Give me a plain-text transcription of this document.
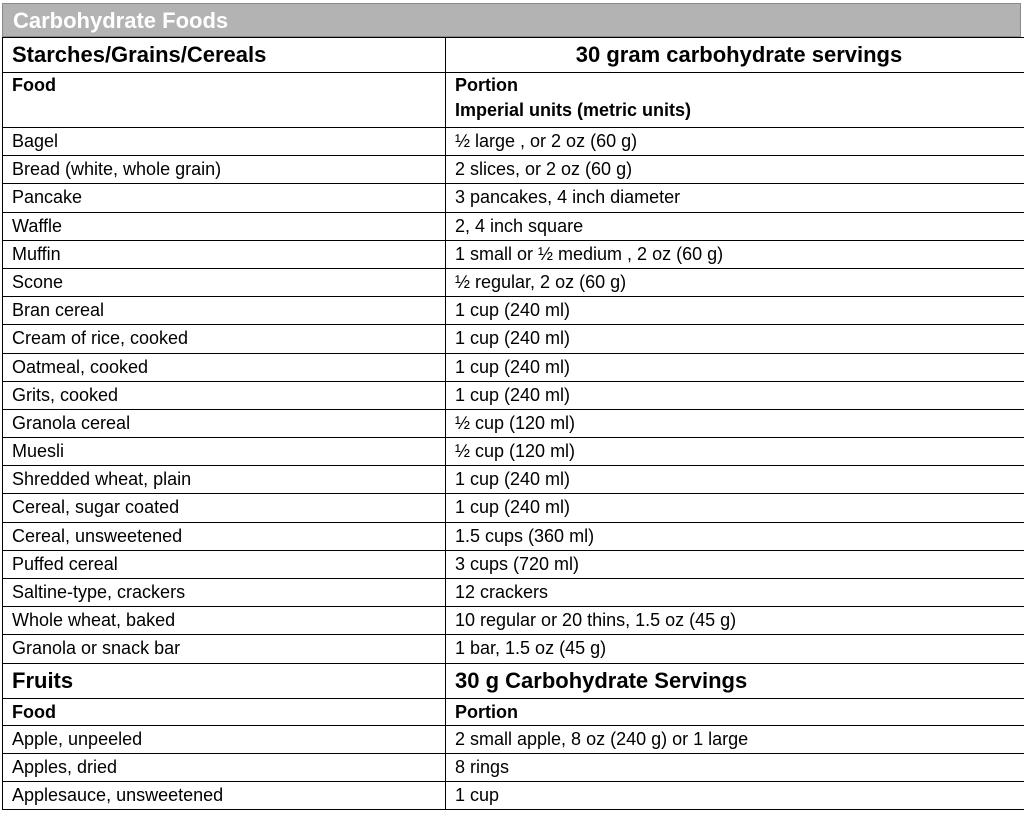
Carbohydrate Foods
Starches/Grains/Cereals	30 gram carbohydrate servings
Food	Portion
Imperial units (metric units)

Bagel	½ large , or 2 oz (60 g)
Bread (white, whole grain)	2 slices, or 2 oz (60 g)
Pancake	3 pancakes, 4 inch diameter
Waffle	2, 4 inch square
Muffin	1 small or ½ medium , 2 oz (60 g)
Scone	½ regular, 2 oz (60 g)
Bran cereal	1 cup (240 ml)
Cream of rice, cooked	1 cup (240 ml)
Oatmeal, cooked	1 cup (240 ml)
Grits, cooked	1 cup (240 ml)
Granola cereal	½ cup (120 ml)
Muesli	½ cup (120 ml)
Shredded wheat, plain	1 cup (240 ml)
Cereal, sugar coated	1 cup (240 ml)
Cereal, unsweetened	1.5 cups (360 ml)
Puffed cereal	3 cups (720 ml)
Saltine-type, crackers	12 crackers
Whole wheat, baked	10 regular or 20 thins, 1.5 oz (45 g)
Granola or snack bar	1 bar, 1.5 oz (45 g)
Fruits	30 g Carbohydrate Servings
Food	Portion
Apple, unpeeled	2 small apple, 8 oz (240 g) or 1 large
Apples, dried	8 rings
Applesauce, unsweetened	1 cup
